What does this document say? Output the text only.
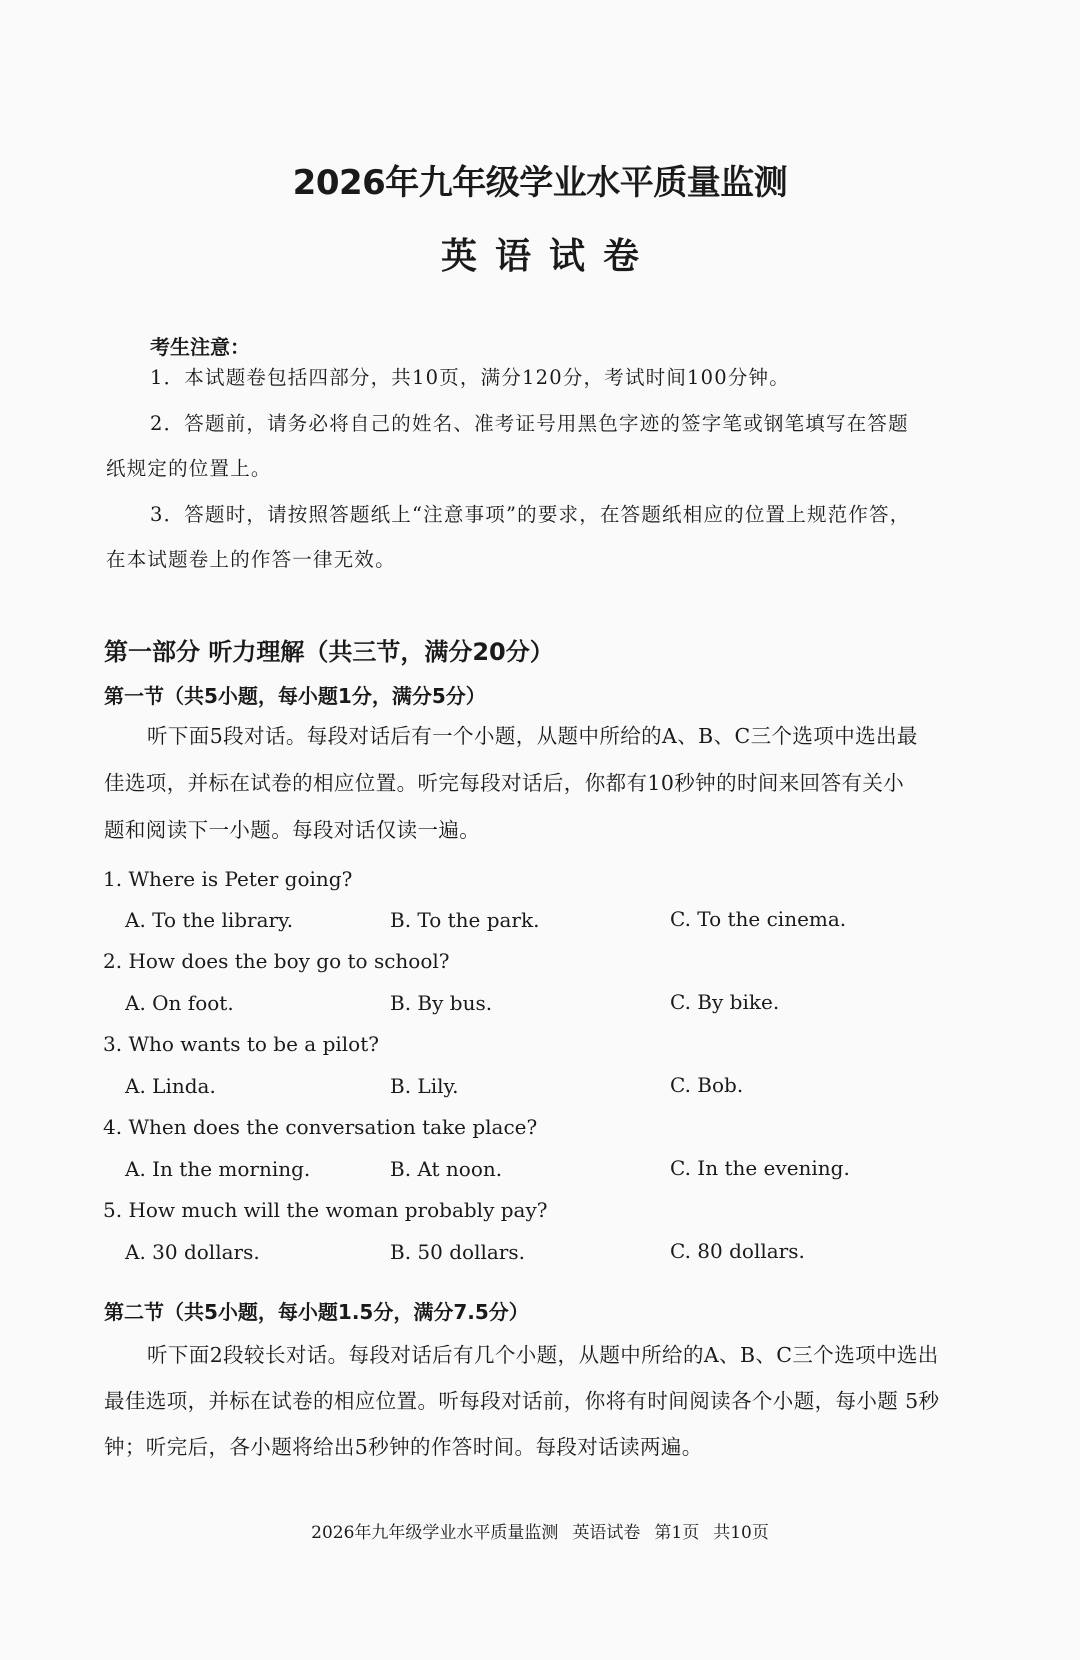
2026年九年级学业水平质量监测
英语试卷
考生注意：
1．本试题卷包括四部分，共10页，满分120分，考试时间100分钟。
2．答题前，请务必将自己的姓名、准考证号用黑色字迹的签字笔或钢笔填写在答题
纸规定的位置上。
3．答题时，请按照答题纸上“注意事项”的要求，在答题纸相应的位置上规范作答，
在本试题卷上的作答一律无效。
第一部分 听力理解（共三节，满分20分）
第一节（共5小题，每小题1分，满分5分）
听下面5段对话。每段对话后有一个小题，从题中所给的A、B、C三个选项中选出最
佳选项，并标在试卷的相应位置。听完每段对话后，你都有10秒钟的时间来回答有关小
题和阅读下一小题。每段对话仅读一遍。
1. Where is Peter going?
A. To the library.	B. To the park.	C. To the cinema.
2. How does the boy go to school?
A. On foot.	B. By bus.	C. By bike.
3. Who wants to be a pilot?
A. Linda.	B. Lily.	C. Bob.
4. When does the conversation take place?
A. In the morning.	B. At noon.	C. In the evening.
5. How much will the woman probably pay?
A. 30 dollars.	B. 50 dollars.	C. 80 dollars.
第二节（共5小题，每小题1.5分，满分7.5分）
听下面2段较长对话。每段对话后有几个小题，从题中所给的A、B、C三个选项中选出
最佳选项，并标在试卷的相应位置。听每段对话前，你将有时间阅读各个小题，每小题 5秒
钟；听完后，各小题将给出5秒钟的作答时间。每段对话读两遍。
2026年九年级学业水平质量监测 英语试卷 第1页 共10页
